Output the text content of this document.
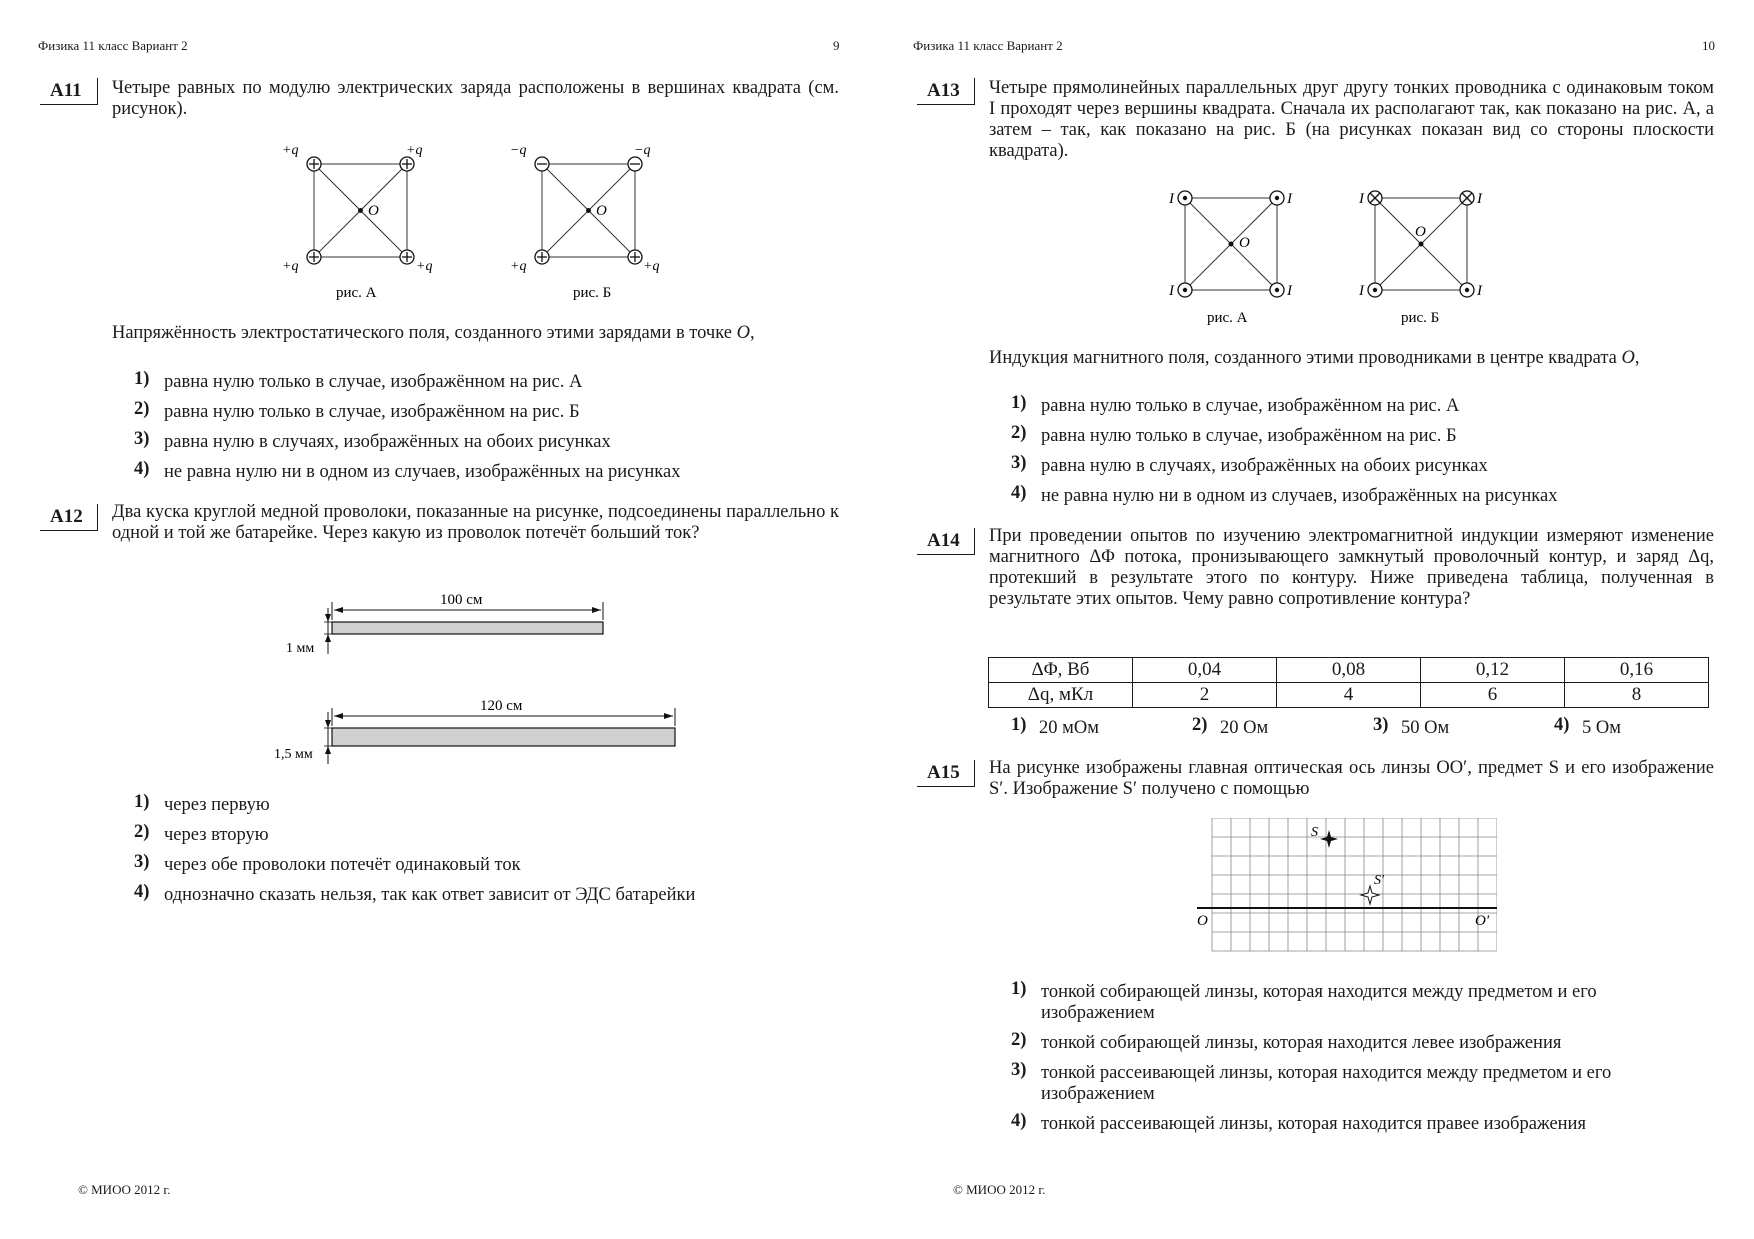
Физика 11 класс Вариант 2	9
A11	Четыре равных по модулю электрических заряда расположены в вершинах квадрата (см. рисунок).
+q	+q
+q	+q
O
рис. А
−q	−q
+q	+q
O
рис. Б
Напряжённость электростатического поля, созданного этими зарядами в точке O,
1) равна нулю только в случае, изображённом на рис. А
2) равна нулю только в случае, изображённом на рис. Б
3) равна нулю в случаях, изображённых на обоих рисунках
4) не равна нулю ни в одном из случаев, изображённых на рисунках
A12	Два куска круглой медной проволоки, показанные на рисунке, подсоединены параллельно к одной и той же батарейке. Через какую из проволок потечёт больший ток?
100 см
1 мм
120 см
1,5 мм
1) через первую
2) через вторую
3) через обе проволоки потечёт одинаковый ток
4) однозначно сказать нельзя, так как ответ зависит от ЭДС батарейки
© МИОО 2012 г.
Физика 11 класс Вариант 2	10
A13	Четыре прямолинейных параллельных друг другу тонких проводника с одинаковым током I проходят через вершины квадрата. Сначала их располагают так, как показано на рис. А, а затем – так, как показано на рис. Б (на рисунках показан вид со стороны плоскости квадрата).
I	I
I	I
O
рис. А
I	I
I	I
O
рис. Б
Индукция магнитного поля, созданного этими проводниками в центре квадрата O,
1) равна нулю только в случае, изображённом на рис. А
2) равна нулю только в случае, изображённом на рис. Б
3) равна нулю в случаях, изображённых на обоих рисунках
4) не равна нулю ни в одном из случаев, изображённых на рисунках
A14	При проведении опытов по изучению электромагнитной индукции измеряют изменение магнитного ΔΦ потока, пронизывающего замкнутый проволочный контур, и заряд Δq, протекший в результате этого по контуру. Ниже приведена таблица, полученная в результате этих опытов. Чему равно сопротивление контура?
ΔΦ, Вб	0,04	0,08	0,12	0,16
Δq, мКл	2	4	6	8
1) 20 мОм	2) 20 Ом	3) 50 Ом	4) 5 Ом
A15	На рисунке изображены главная оптическая ось линзы OO′, предмет S и его изображение S′. Изображение S′ получено с помощью
S
S′
O	O′
1) тонкой собирающей линзы, которая находится между предметом и его изображением
2) тонкой собирающей линзы, которая находится левее изображения
3) тонкой рассеивающей линзы, которая находится между предметом и его изображением
4) тонкой рассеивающей линзы, которая находится правее изображения
© МИОО 2012 г.
